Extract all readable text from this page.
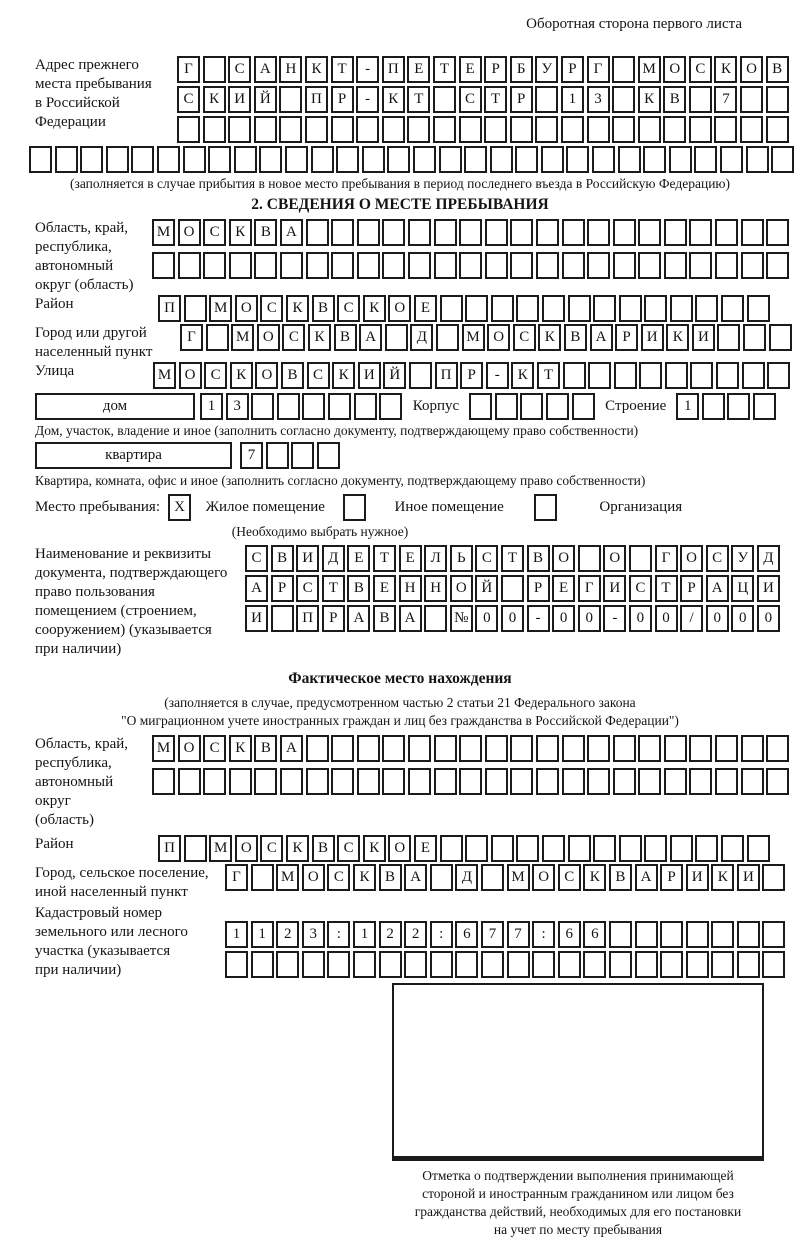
Оборотная сторона первого листа
Адрес прежнего
места пребывания
в Российской
Федерации
Г	С	А Н	К	Т	-	П	Е	Т	Е	Р	Б	У	Р	Г	М О	С	К	О	В
С	К	И Й	П	Р	-	К	Т	С	Т	Р	1	3	К	В	7
(заполняется в случае прибытия в новое место пребывания в период последнего въезда в Российскую Федерацию)
2. СВЕДЕНИЯ О МЕСТЕ ПРЕБЫВАНИЯ
Область, край,
республика,
автономный
округ (область)
М О	С	К	В	А
Район	П	М О	С	К	В	С	К	О	Е
Город или другой
населенный пункт
Г	М О	С	К	В	А	Д	М О	С	К	В	А	Р	И	К	И
Улица	М О	С	К	О	В	С	К	И Й	П	Р	-	К	Т
дом	1	3	Корпус	Строение	1
Дом, участок, владение и иное (заполнить согласно документу, подтверждающему право собственности)
квартира	7
Квартира, комната, офис и иное (заполнить согласно документу, подтверждающему право собственности)
Место пребывания: X	Жилое помещение	Иное помещение	Организация
(Необходимо выбрать нужное)
Наименование и реквизиты
документа, подтверждающего
право пользования
помещением (строением,
сооружением) (указывается
при наличии)
С	В	И	Д	Е	Т	Е	Л	Ь	С	Т	В	О	О	Г	О	С	У	Д
А	Р	С	Т	В	Е	Н Н О Й	Р	Е	Г	И	С	Т	Р	А Ц И
И	П	Р	А	В	А	№ 0	0	-	0	0	-	0	0	/	0	0	0
Фактическое место нахождения
(заполняется в случае, предусмотренном частью 2 статьи 21 Федерального закона
"О миграционном учете иностранных граждан и лиц без гражданства в Российской Федерации")
Область, край,
республика,
автономный округ
(область)
М О	С	К	В	А
Район	П	М О	С	К	В	С	К	О	Е
Город, сельское поселение,
иной населенный пункт
Г	М О	С	К	В	А	Д	М О	С	К	В	А	Р	И	К	И
Кадастровый номер
земельного или лесного
участка (указывается
при наличии)
1	1	2	3	:	1	2	2	:	6	7	7	:	6	6
Отметка о подтверждении выполнения принимающей
стороной и иностранным гражданином или лицом без
гражданства действий, необходимых для его постановки
на учет по месту пребывания
